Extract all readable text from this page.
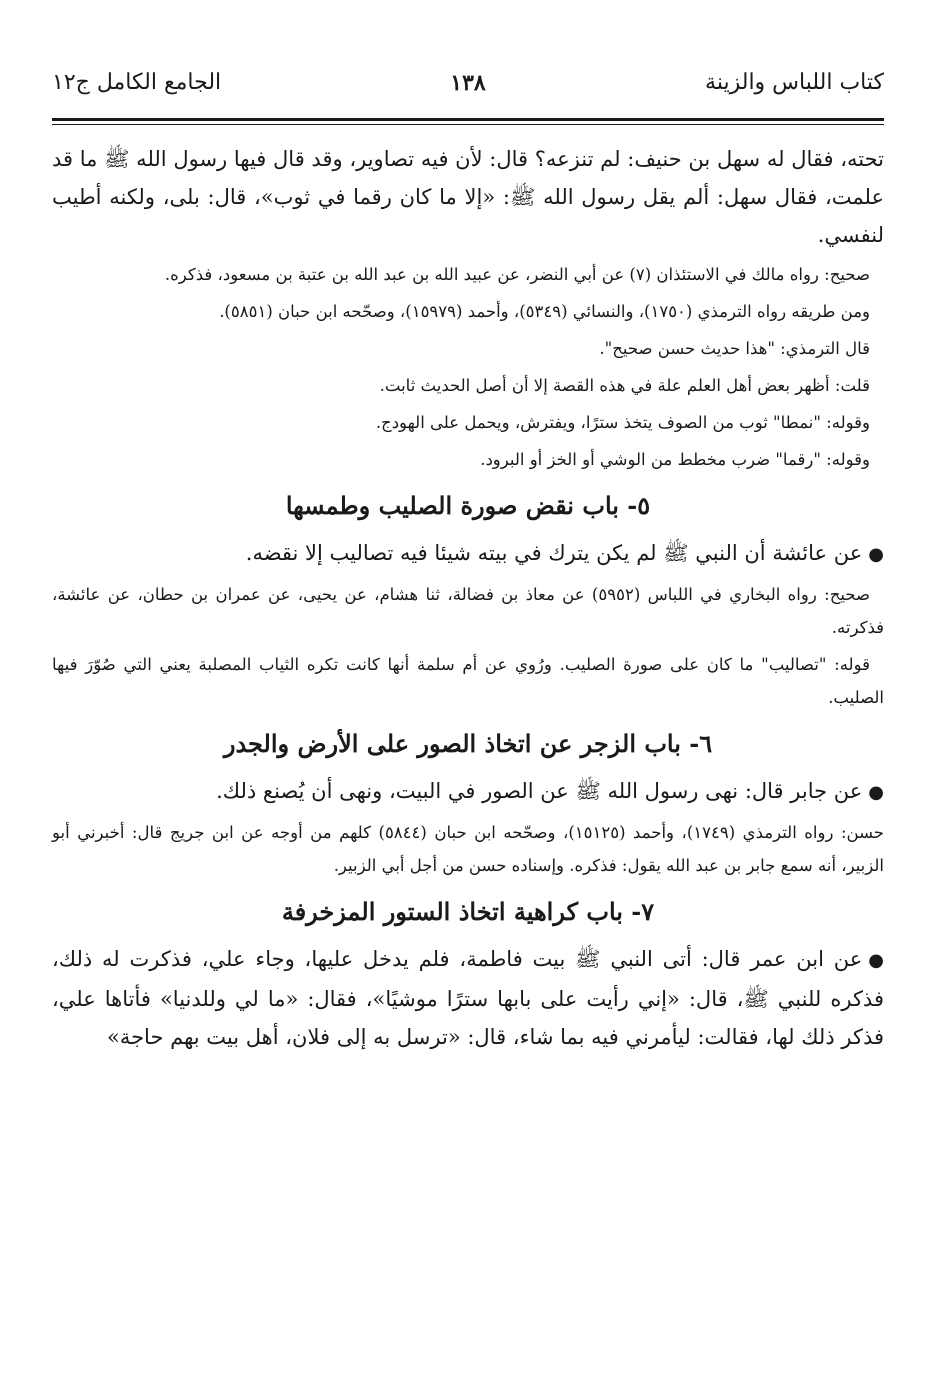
كتاب اللباس والزينة
١٣٨
الجامع الكامل ج١٢

تحته، فقال له سهل بن حنيف: لم تنزعه؟ قال: لأن فيه تصاوير، وقد قال فيها رسول الله ﷺ ما قد علمت، فقال سهل: ألم يقل رسول الله ﷺ: «إلا ما كان رقما في ثوب»، قال: بلى، ولكنه أطيب لنفسي.

صحيح: رواه مالك في الاستئذان (٧) عن أبي النضر، عن عبيد الله بن عبد الله بن عتبة بن مسعود، فذكره.

ومن طريقه رواه الترمذي (١٧٥٠)، والنسائي (٥٣٤٩)، وأحمد (١٥٩٧٩)، وصحّحه ابن حبان (٥٨٥١).

قال الترمذي: "هذا حديث حسن صحيح".

قلت: أظهر بعض أهل العلم علة في هذه القصة إلا أن أصل الحديث ثابت.

وقوله: "نمطا" ثوب من الصوف يتخذ سترًا، ويفترش، ويحمل على الهودج.

وقوله: "رقما" ضرب مخطط من الوشي أو الخز أو البرود.

٥- باب نقض صورة الصليب وطمسها

●عن عائشة أن النبي ﷺ لم يكن يترك في بيته شيئا فيه تصاليب إلا نقضه.

صحيح: رواه البخاري في اللباس (٥٩٥٢) عن معاذ بن فضالة، ثنا هشام، عن يحيى، عن عمران بن حطان، عن عائشة، فذكرته.

قوله: "تصاليب" ما كان على صورة الصليب. ورُوي عن أم سلمة أنها كانت تكره الثياب المصلبة يعني التي صُوّرَ فيها الصليب.

٦- باب الزجر عن اتخاذ الصور على الأرض والجدر

●عن جابر قال: نهى رسول الله ﷺ عن الصور في البيت، ونهى أن يُصنع ذلك.

حسن: رواه الترمذي (١٧٤٩)، وأحمد (١٥١٢٥)، وصحّحه ابن حبان (٥٨٤٤) كلهم من أوجه عن ابن جريج قال: أخبرني أبو الزبير، أنه سمع جابر بن عبد الله يقول: فذكره. وإسناده حسن من أجل أبي الزبير.

٧- باب كراهية اتخاذ الستور المزخرفة

●عن ابن عمر قال: أتى النبي ﷺ بيت فاطمة، فلم يدخل عليها، وجاء علي، فذكرت له ذلك، فذكره للنبي ﷺ، قال: «إني رأيت على بابها سترًا موشيًا»، فقال: «ما لي وللدنيا» فأتاها علي، فذكر ذلك لها، فقالت: ليأمرني فيه بما شاء، قال: «ترسل به إلى فلان، أهل بيت بهم حاجة»
